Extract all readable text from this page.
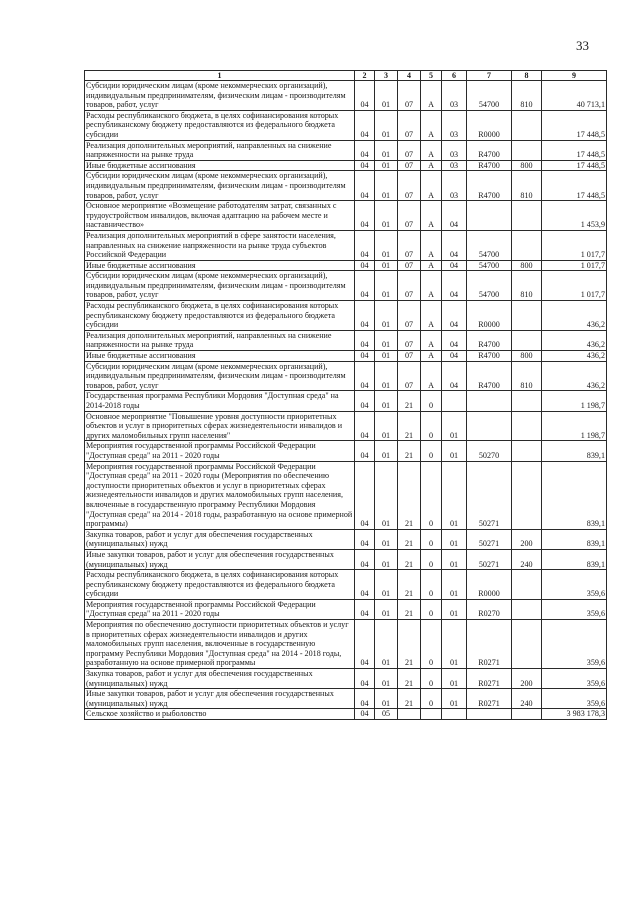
33
1	2	3	4	5	6	7	8	9
Субсидии юридическим лицам (кроме некоммерческих организаций), индивидуальным предпринимателям, физическим лицам - производителям товаров, работ, услуг	04	01	07	А	03	54700	810	40 713,1
Расходы республиканского бюджета, в целях софинансирования которых республиканскому бюджету предоставляются из федерального бюджета субсидии	04	01	07	А	03	R0000		17 448,5
Реализация дополнительных мероприятий, направленных на снижение напряженности на рынке труда	04	01	07	А	03	R4700		17 448,5
Иные бюджетные ассигнования	04	01	07	А	03	R4700	800	17 448,5
Субсидии юридическим лицам (кроме некоммерческих организаций), индивидуальным предпринимателям, физическим лицам - производителям товаров, работ, услуг	04	01	07	А	03	R4700	810	17 448,5
Основное мероприятие «Возмещение работодателям затрат, связанных с трудоустройством инвалидов, включая адаптацию на рабочем месте и наставничество»	04	01	07	А	04			1 453,9
Реализация дополнительных мероприятий в сфере занятости населения, направленных на снижение напряженности на рынке труда субъектов Российской Федерации	04	01	07	А	04	54700		1 017,7
Иные бюджетные ассигнования	04	01	07	А	04	54700	800	1 017,7
Субсидии юридическим лицам (кроме некоммерческих организаций), индивидуальным предпринимателям, физическим лицам - производителям товаров, работ, услуг	04	01	07	А	04	54700	810	1 017,7
Расходы республиканского бюджета, в целях софинансирования которых республиканскому бюджету предоставляются из федерального бюджета субсидии	04	01	07	А	04	R0000		436,2
Реализация дополнительных мероприятий, направленных на снижение напряженности на рынке труда	04	01	07	А	04	R4700		436,2
Иные бюджетные ассигнования	04	01	07	А	04	R4700	800	436,2
Субсидии юридическим лицам (кроме некоммерческих организаций), индивидуальным предпринимателям, физическим лицам - производителям товаров, работ, услуг	04	01	07	А	04	R4700	810	436,2
Государственная программа Республики Мордовия "Доступная среда" на 2014-2018 годы	04	01	21	0				1 198,7
Основное мероприятие "Повышение уровня доступности приоритетных объектов и услуг в приоритетных сферах жизнедеятельности инвалидов и других маломобильных групп населения"	04	01	21	0	01			1 198,7
Мероприятия государственной программы Российской Федерации "Доступная среда" на 2011 - 2020 годы	04	01	21	0	01	50270		839,1
Мероприятия государственной программы Российской Федерации "Доступная среда" на 2011 - 2020 годы (Мероприятия по обеспечению доступности приоритетных объектов и услуг в приоритетных сферах жизнедеятельности инвалидов и других маломобильных групп населения, включенные в государственную программу Республики Мордовия "Доступная среда" на 2014 - 2018 годы, разработанную на основе примерной программы)	04	01	21	0	01	50271		839,1
Закупка товаров, работ и услуг для обеспечения государственных (муниципальных) нужд	04	01	21	0	01	50271	200	839,1
Иные закупки товаров, работ и услуг для обеспечения государственных (муниципальных) нужд	04	01	21	0	01	50271	240	839,1
Расходы республиканского бюджета, в целях софинансирования которых республиканскому бюджету предоставляются из федерального бюджета субсидии	04	01	21	0	01	R0000		359,6
Мероприятия государственной программы Российской Федерации "Доступная среда" на 2011 - 2020 годы	04	01	21	0	01	R0270		359,6
Мероприятия по обеспечению доступности приоритетных объектов и услуг в приоритетных сферах жизнедеятельности инвалидов и других маломобильных групп населения, включенные в государственную программу Республики Мордовия "Доступная среда" на 2014 - 2018 годы, разработанную на основе примерной программы	04	01	21	0	01	R0271		359,6
Закупка товаров, работ и услуг для обеспечения государственных (муниципальных) нужд	04	01	21	0	01	R0271	200	359,6
Иные закупки товаров, работ и услуг для обеспечения государственных (муниципальных) нужд	04	01	21	0	01	R0271	240	359,6
Сельское хозяйство и рыболовство	04	05						3 983 178,3
